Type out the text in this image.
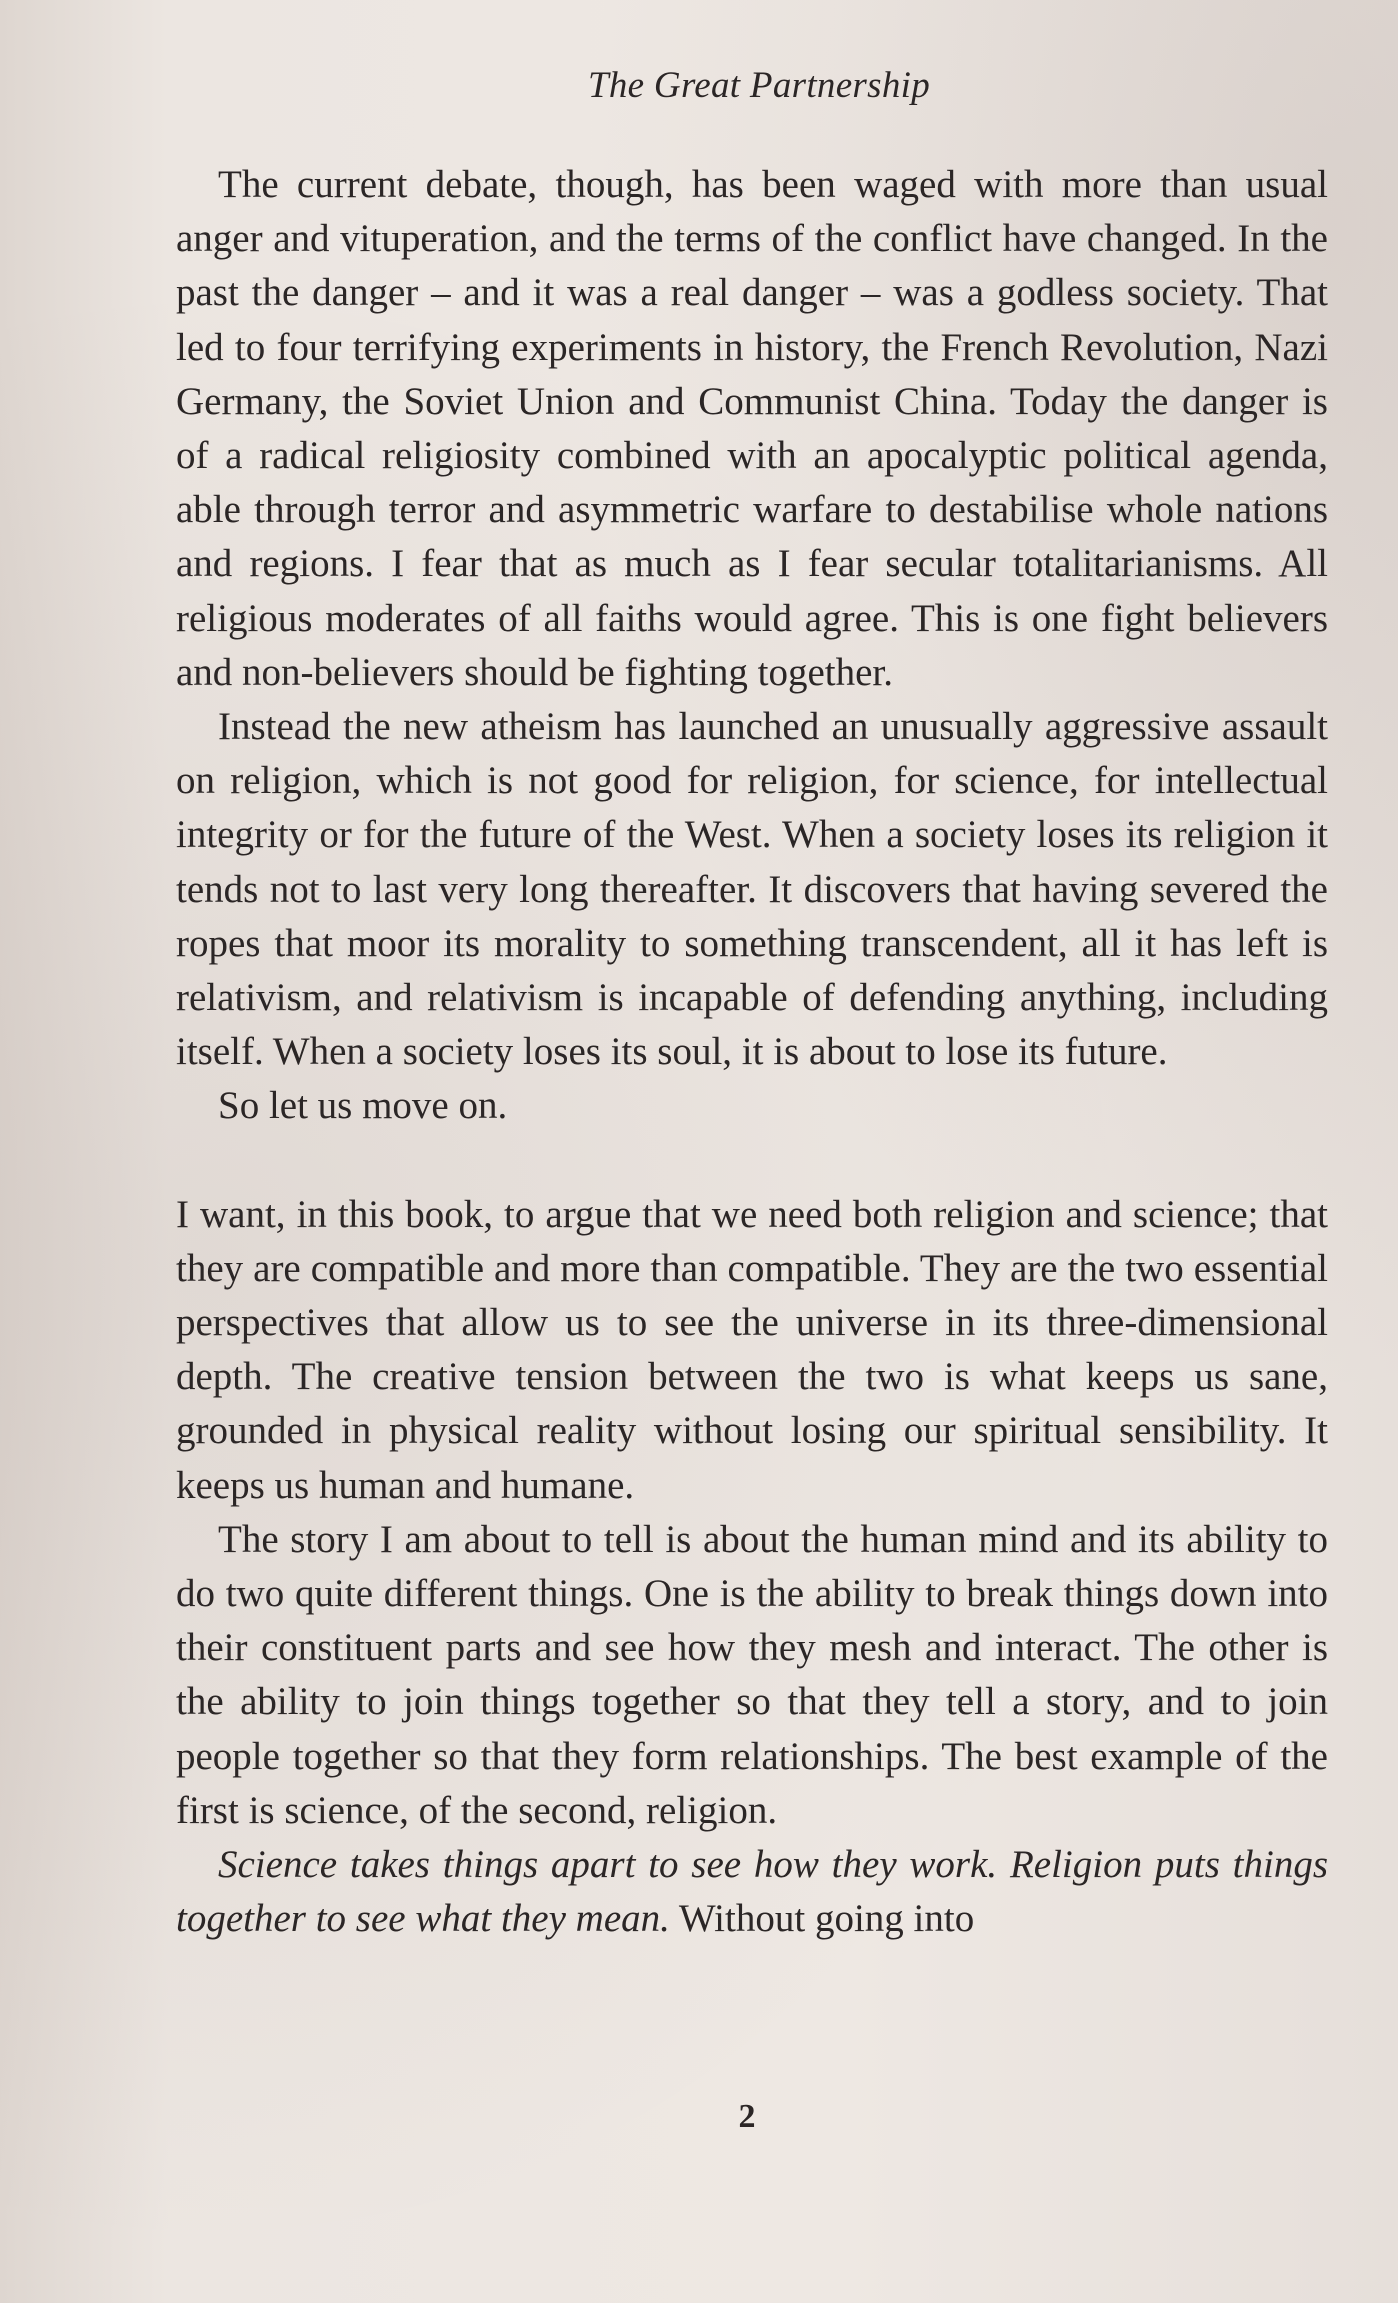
The Great Partnership

The current debate, though, has been waged with more than usual anger and vituperation, and the terms of the conflict have changed. In the past the danger – and it was a real danger – was a godless society. That led to four terrifying experiments in history, the French Revolution, Nazi Germany, the Soviet Union and Communist China. Today the danger is of a radical religiosity combined with an apocalyptic political agenda, able through terror and asymmetric warfare to destabilise whole nations and regions. I fear that as much as I fear secular totalitarianisms. All religious moderates of all faiths would agree. This is one fight believers and non-believers should be fighting together.

Instead the new atheism has launched an unusually aggressive assault on religion, which is not good for religion, for science, for intellectual integrity or for the future of the West. When a society loses its religion it tends not to last very long thereafter. It discovers that having severed the ropes that moor its morality to something transcendent, all it has left is relativism, and relativism is incapable of defending anything, including itself. When a society loses its soul, it is about to lose its future.

So let us move on.

I want, in this book, to argue that we need both religion and science; that they are compatible and more than compatible. They are the two essential perspectives that allow us to see the universe in its three-dimensional depth. The creative tension between the two is what keeps us sane, grounded in physical reality without losing our spiritual sensibility. It keeps us human and humane.

The story I am about to tell is about the human mind and its ability to do two quite different things. One is the ability to break things down into their constituent parts and see how they mesh and interact. The other is the ability to join things together so that they tell a story, and to join people together so that they form relationships. The best example of the first is science, of the second, religion.

Science takes things apart to see how they work. Religion puts things together to see what they mean. Without going into

2
